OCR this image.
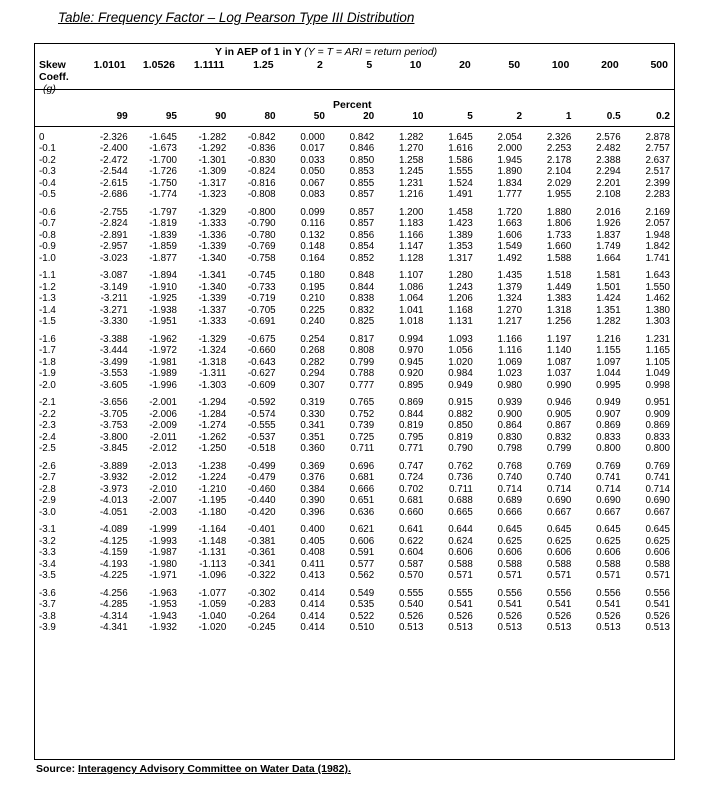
Table: Frequency Factor – Log Pearson Type III Distribution
Y in AEP of 1 in Y (Y = T = ARI = return period)
Skew
Coeff.
(g)
	1.0101	1.0526	1.1111	1.25	2	5	10	20	50	100	200	500
Percent
	99	95	90	80	50	20	10	5	2	1	0.5	0.2
0	-2.326	-1.645	-1.282	-0.842	0.000	0.842	1.282	1.645	2.054	2.326	2.576	2.878
-0.1	-2.400	-1.673	-1.292	-0.836	0.017	0.846	1.270	1.616	2.000	2.253	2.482	2.757
-0.2	-2.472	-1.700	-1.301	-0.830	0.033	0.850	1.258	1.586	1.945	2.178	2.388	2.637
-0.3	-2.544	-1.726	-1.309	-0.824	0.050	0.853	1.245	1.555	1.890	2.104	2.294	2.517
-0.4	-2.615	-1.750	-1.317	-0.816	0.067	0.855	1.231	1.524	1.834	2.029	2.201	2.399
-0.5	-2.686	-1.774	-1.323	-0.808	0.083	0.857	1.216	1.491	1.777	1.955	2.108	2.283

-0.6	-2.755	-1.797	-1.329	-0.800	0.099	0.857	1.200	1.458	1.720	1.880	2.016	2.169
-0.7	-2.824	-1.819	-1.333	-0.790	0.116	0.857	1.183	1.423	1.663	1.806	1.926	2.057
-0.8	-2.891	-1.839	-1.336	-0.780	0.132	0.856	1.166	1.389	1.606	1.733	1.837	1.948
-0.9	-2.957	-1.859	-1.339	-0.769	0.148	0.854	1.147	1.353	1.549	1.660	1.749	1.842
-1.0	-3.023	-1.877	-1.340	-0.758	0.164	0.852	1.128	1.317	1.492	1.588	1.664	1.741

-1.1	-3.087	-1.894	-1.341	-0.745	0.180	0.848	1.107	1.280	1.435	1.518	1.581	1.643
-1.2	-3.149	-1.910	-1.340	-0.733	0.195	0.844	1.086	1.243	1.379	1.449	1.501	1.550
-1.3	-3.211	-1.925	-1.339	-0.719	0.210	0.838	1.064	1.206	1.324	1.383	1.424	1.462
-1.4	-3.271	-1.938	-1.337	-0.705	0.225	0.832	1.041	1.168	1.270	1.318	1.351	1.380
-1.5	-3.330	-1.951	-1.333	-0.691	0.240	0.825	1.018	1.131	1.217	1.256	1.282	1.303

-1.6	-3.388	-1.962	-1.329	-0.675	0.254	0.817	0.994	1.093	1.166	1.197	1.216	1.231
-1.7	-3.444	-1.972	-1.324	-0.660	0.268	0.808	0.970	1.056	1.116	1.140	1.155	1.165
-1.8	-3.499	-1.981	-1.318	-0.643	0.282	0.799	0.945	1.020	1.069	1.087	1.097	1.105
-1.9	-3.553	-1.989	-1.311	-0.627	0.294	0.788	0.920	0.984	1.023	1.037	1.044	1.049
-2.0	-3.605	-1.996	-1.303	-0.609	0.307	0.777	0.895	0.949	0.980	0.990	0.995	0.998

-2.1	-3.656	-2.001	-1.294	-0.592	0.319	0.765	0.869	0.915	0.939	0.946	0.949	0.951
-2.2	-3.705	-2.006	-1.284	-0.574	0.330	0.752	0.844	0.882	0.900	0.905	0.907	0.909
-2.3	-3.753	-2.009	-1.274	-0.555	0.341	0.739	0.819	0.850	0.864	0.867	0.869	0.869
-2.4	-3.800	-2.011	-1.262	-0.537	0.351	0.725	0.795	0.819	0.830	0.832	0.833	0.833
-2.5	-3.845	-2.012	-1.250	-0.518	0.360	0.711	0.771	0.790	0.798	0.799	0.800	0.800

-2.6	-3.889	-2.013	-1.238	-0.499	0.369	0.696	0.747	0.762	0.768	0.769	0.769	0.769
-2.7	-3.932	-2.012	-1.224	-0.479	0.376	0.681	0.724	0.736	0.740	0.740	0.741	0.741
-2.8	-3.973	-2.010	-1.210	-0.460	0.384	0.666	0.702	0.711	0.714	0.714	0.714	0.714
-2.9	-4.013	-2.007	-1.195	-0.440	0.390	0.651	0.681	0.688	0.689	0.690	0.690	0.690
-3.0	-4.051	-2.003	-1.180	-0.420	0.396	0.636	0.660	0.665	0.666	0.667	0.667	0.667

-3.1	-4.089	-1.999	-1.164	-0.401	0.400	0.621	0.641	0.644	0.645	0.645	0.645	0.645
-3.2	-4.125	-1.993	-1.148	-0.381	0.405	0.606	0.622	0.624	0.625	0.625	0.625	0.625
-3.3	-4.159	-1.987	-1.131	-0.361	0.408	0.591	0.604	0.606	0.606	0.606	0.606	0.606
-3.4	-4.193	-1.980	-1.113	-0.341	0.411	0.577	0.587	0.588	0.588	0.588	0.588	0.588
-3.5	-4.225	-1.971	-1.096	-0.322	0.413	0.562	0.570	0.571	0.571	0.571	0.571	0.571

-3.6	-4.256	-1.963	-1.077	-0.302	0.414	0.549	0.555	0.555	0.556	0.556	0.556	0.556
-3.7	-4.285	-1.953	-1.059	-0.283	0.414	0.535	0.540	0.541	0.541	0.541	0.541	0.541
-3.8	-4.314	-1.943	-1.040	-0.264	0.414	0.522	0.526	0.526	0.526	0.526	0.526	0.526
-3.9	-4.341	-1.932	-1.020	-0.245	0.414	0.510	0.513	0.513	0.513	0.513	0.513	0.513
Source: Interagency Advisory Committee on Water Data (1982).
